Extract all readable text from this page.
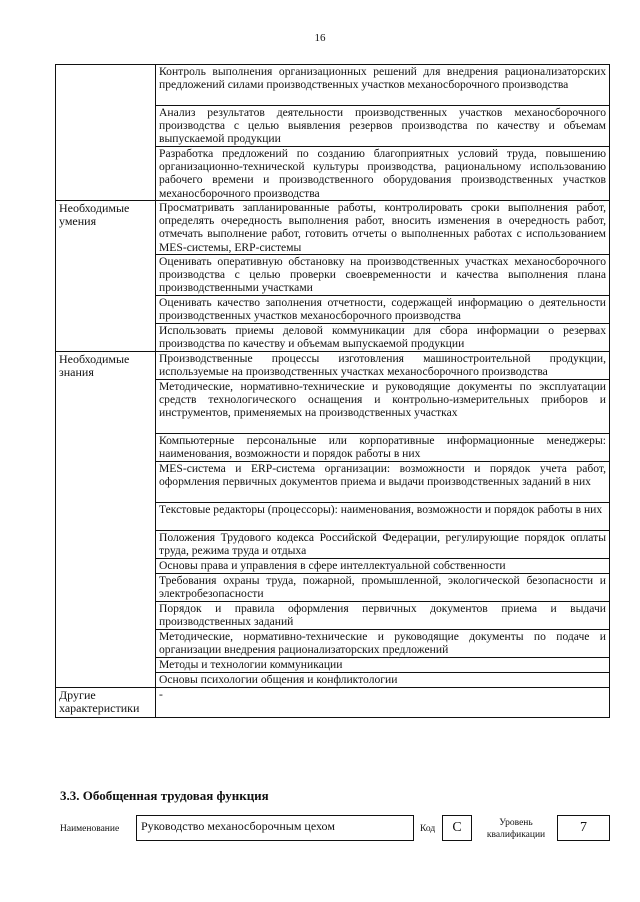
16
	Контроль выполнения организационных решений для внедрения рационализаторских предложений силами производственных участков механосборочного производства
	Анализ результатов деятельности производственных участков механосборочного производства с целью выявления резервов производства по качеству и объемам выпускаемой продукции
	Разработка предложений по созданию благоприятных условий труда, повышению организационно-технической культуры производства, рациональному использованию рабочего времени и производственного оборудования производственных участков механосборочного производства
Необходимые умения	Просматривать запланированные работы, контролировать сроки выполнения работ, определять очередность выполнения работ, вносить изменения в очередность работ, отмечать выполнение работ, готовить отчеты о выполненных работах с использованием MES-системы, ERP-системы
	Оценивать оперативную обстановку на производственных участках механосборочного производства с целью проверки своевременности и качества выполнения плана производственными участками
	Оценивать качество заполнения отчетности, содержащей информацию о деятельности производственных участков механосборочного производства
	Использовать приемы деловой коммуникации для сбора информации о резервах производства по качеству и объемам выпускаемой продукции
Необходимые знания	Производственные процессы изготовления машиностроительной продукции, используемые на производственных участках механосборочного производства
	Методические, нормативно-технические и руководящие документы по эксплуатации средств технологического оснащения и контрольно-измерительных приборов и инструментов, применяемых на производственных участках
	Компьютерные персональные или корпоративные информационные менеджеры: наименования, возможности и порядок работы в них
	MES-система и ERP-система организации: возможности и порядок учета работ, оформления первичных документов приема и выдачи производственных заданий в них
	Текстовые редакторы (процессоры): наименования, возможности и порядок работы в них
	Положения Трудового кодекса Российской Федерации, регулирующие порядок оплаты труда, режима труда и отдыха
	Основы права и управления в сфере интеллектуальной собственности
	Требования охраны труда, пожарной, промышленной, экологической безопасности и электробезопасности
	Порядок и правила оформления первичных документов приема и выдачи производственных заданий
	Методические, нормативно-технические и руководящие документы по подаче и организации внедрения рационализаторских предложений
	Методы и технологии коммуникации
	Основы психологии общения и конфликтологии
Другие характеристики	-
3.3. Обобщенная трудовая функция
Наименование	Руководство механосборочным цехом	Код	C	Уровень квалификации	7
